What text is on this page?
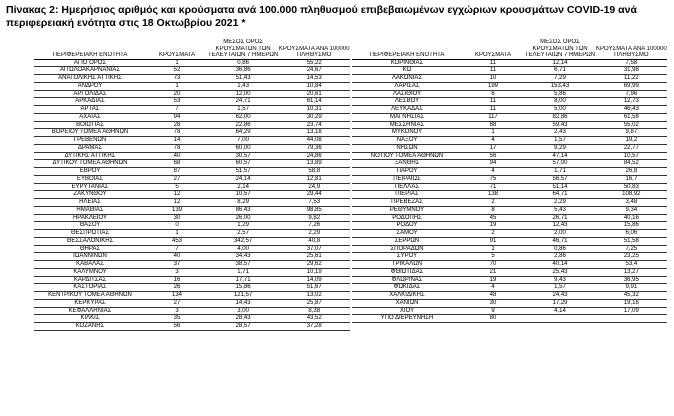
Πίνακας 2: Ημερήσιος αριθμός και κρούσματα ανά 100.000 πληθυσμού επιβεβαιωμένων εγχώριων κρουσμάτων COVID-19 ανά περιφερειακή ενότητα στις 18 Οκτωβρίου 2021 *
		ΜΕΣΟΣ ΟΡΟΣ	
		ΚΡΟΥΣΜΑΤΩΝ ΤΩΝ	ΚΡΟΥΣΜΑΤΑ ΑΝΑ 100000
ΠΕΡΙΦΕΡΕΙΑΚΗ ΕΝΟΤΗΤΑ	ΚΡΟΥΣΜΑΤΑ	ΤΕΛΕΥΤΑΙΩΝ 7 ΗΜΕΡΩΝ	ΠΛΗΘΥΣΜΟ
ΑΓΙΟ ΟΡΟΣ	1	0,86	55,22
ΑΙΤΩΛΟΑΚΑΡΝΑΝΙΑΣ	52	36,86	24,67
ΑΝΑΤΟΛΙΚΗΣ ΑΤΤΙΚΗΣ	73	51,43	14,53
ΑΝΔΡΟΥ	1	1,43	10,84
ΑΡΓΟΛΙΔΑΣ	20	12,00	20,61
ΑΡΚΑΔΙΑΣ	53	24,71	61,14
ΑΡΤΑΣ	7	1,57	10,31
ΑΧΑΪΑΣ	94	62,00	30,29
ΒΟΙΩΤΙΑΣ	28	22,86	23,74
ΒΟΡΕΙΟΥ ΤΟΜΕΑ ΑΘΗΝΩΝ	78	64,29	13,18
ΓΡΕΒΕΝΩΝ	14	7,00	44,08
ΔΡΑΜΑΣ	78	60,00	79,36
ΔΥΤΙΚΗΣ ΑΤΤΙΚΗΣ	40	30,57	24,86
ΔΥΤΙΚΟΥ ΤΟΜΕΑ ΑΘΗΝΩΝ	68	60,57	13,89
ΕΒΡΟΥ	87	51,57	58,8
ΕΥΒΟΙΑΣ	27	24,14	12,81
ΕΥΡΥΤΑΝΙΑΣ	5	2,14	24,9
ΖΑΚΥΝΘΟΥ	12	10,57	29,44
ΗΛΕΙΑΣ	12	8,29	7,53
ΗΜΑΘΙΑΣ	139	86,43	98,85
ΗΡΑΚΛΕΙΟΥ	30	26,00	9,82
ΘΑΣΟΥ	0	1,29	7,26
ΘΕΣΠΡΩΤΙΑΣ	1	2,57	2,29
ΘΕΣΣΑΛΟΝΙΚΗΣ	453	342,57	40,8
ΘΗΡΑΣ	7	4,00	37,07
ΙΩΑΝΝΙΝΩΝ	40	34,43	25,61
ΚΑΒΑΛΑΣ	37	38,57	29,62
ΚΑΛΥΜΝΟΥ	3	1,71	10,19
ΚΑΡΔΙΤΣΑΣ	16	17,71	14,09
ΚΑΣΤΟΡΙΑΣ	26	15,86	51,67
ΚΕΝΤΡΙΚΟΥ ΤΟΜΕΑ ΑΘΗΝΩΝ	134	121,57	13,02
ΚΕΡΚΥΡΑΣ	27	14,43	25,87
ΚΕΦΑΛΛΗΝΙΑΣ	3	3,00	8,38
ΚΙΛΚΙΣ	35	28,43	43,52
ΚΟΖΑΝΗΣ	56	28,57	37,28
		ΜΕΣΟΣ ΟΡΟΣ	
		ΚΡΟΥΣΜΑΤΩΝ ΤΩΝ	ΚΡΟΥΣΜΑΤΑ ΑΝΑ 100000
ΠΕΡΙΦΕΡΕΙΑΚΗ ΕΝΟΤΗΤΑ	ΚΡΟΥΣΜΑΤΑ	ΤΕΛΕΥΤΑΙΩΝ 7 ΗΜΕΡΩΝ	ΠΛΗΘΥΣΜΟ
ΚΟΡΙΝΘΙΑΣ	11	12,14	7,58
ΚΩ	11	6,71	31,98
ΛΑΚΩΝΙΑΣ	10	7,29	11,22
ΛΑΡΙΣΑΣ	199	153,43	69,99
ΛΑΣΙΘΙΟΥ	6	5,86	7,96
ΛΕΣΒΟΥ	11	8,00	12,73
ΛΕΥΚΑΔΑΣ	11	5,00	46,43
ΜΑΓΝΗΣΙΑΣ	117	82,86	61,58
ΜΕΣΣΗΝΙΑΣ	88	59,43	55,02
ΜΥΚΟΝΟΥ	1	2,43	9,87
ΝΑΞΟΥ	4	1,57	19,2
ΝΗΣΩΝ	17	9,29	22,77
ΝΟΤΙΟΥ ΤΟΜΕΑ ΑΘΗΝΩΝ	56	47,14	10,57
ΞΑΝΘΗΣ	94	57,00	84,52
ΠΑΡΟΥ	4	1,71	26,8
ΠΕΙΡΑΙΩΣ	75	56,57	16,7
ΠΕΛΛΑΣ	71	51,14	50,83
ΠΙΕΡΙΑΣ	138	64,71	108,92
ΠΡΕΒΕΖΑΣ	2	2,29	3,48
ΡΕΘΥΜΝΟΥ	8	5,43	9,34
ΡΟΔΟΠΗΣ	45	26,71	40,16
ΡΟΔΟΥ	19	12,43	15,86
ΣΑΜΟΥ	2	2,00	6,06
ΣΕΡΡΩΝ	91	46,71	51,58
ΣΠΟΡΑΔΩΝ	1	0,86	7,25
ΣΥΡΟΥ	5	2,86	23,25
ΤΡΙΚΑΛΩΝ	70	40,14	53,4
ΦΘΙΩΤΙΔΑΣ	21	25,43	13,27
ΦΛΩΡΙΝΑΣ	19	9,43	36,95
ΦΩΚΙΔΑΣ	4	1,57	9,91
ΧΑΛΚΙΔΙΚΗΣ	48	24,43	45,32
ΧΑΝΙΩΝ	30	17,29	19,16
ΧΙΟΥ	9	4,14	17,09
ΥΠΟ ΔΙΕΡΕΥΝΗΣΗ	80		
